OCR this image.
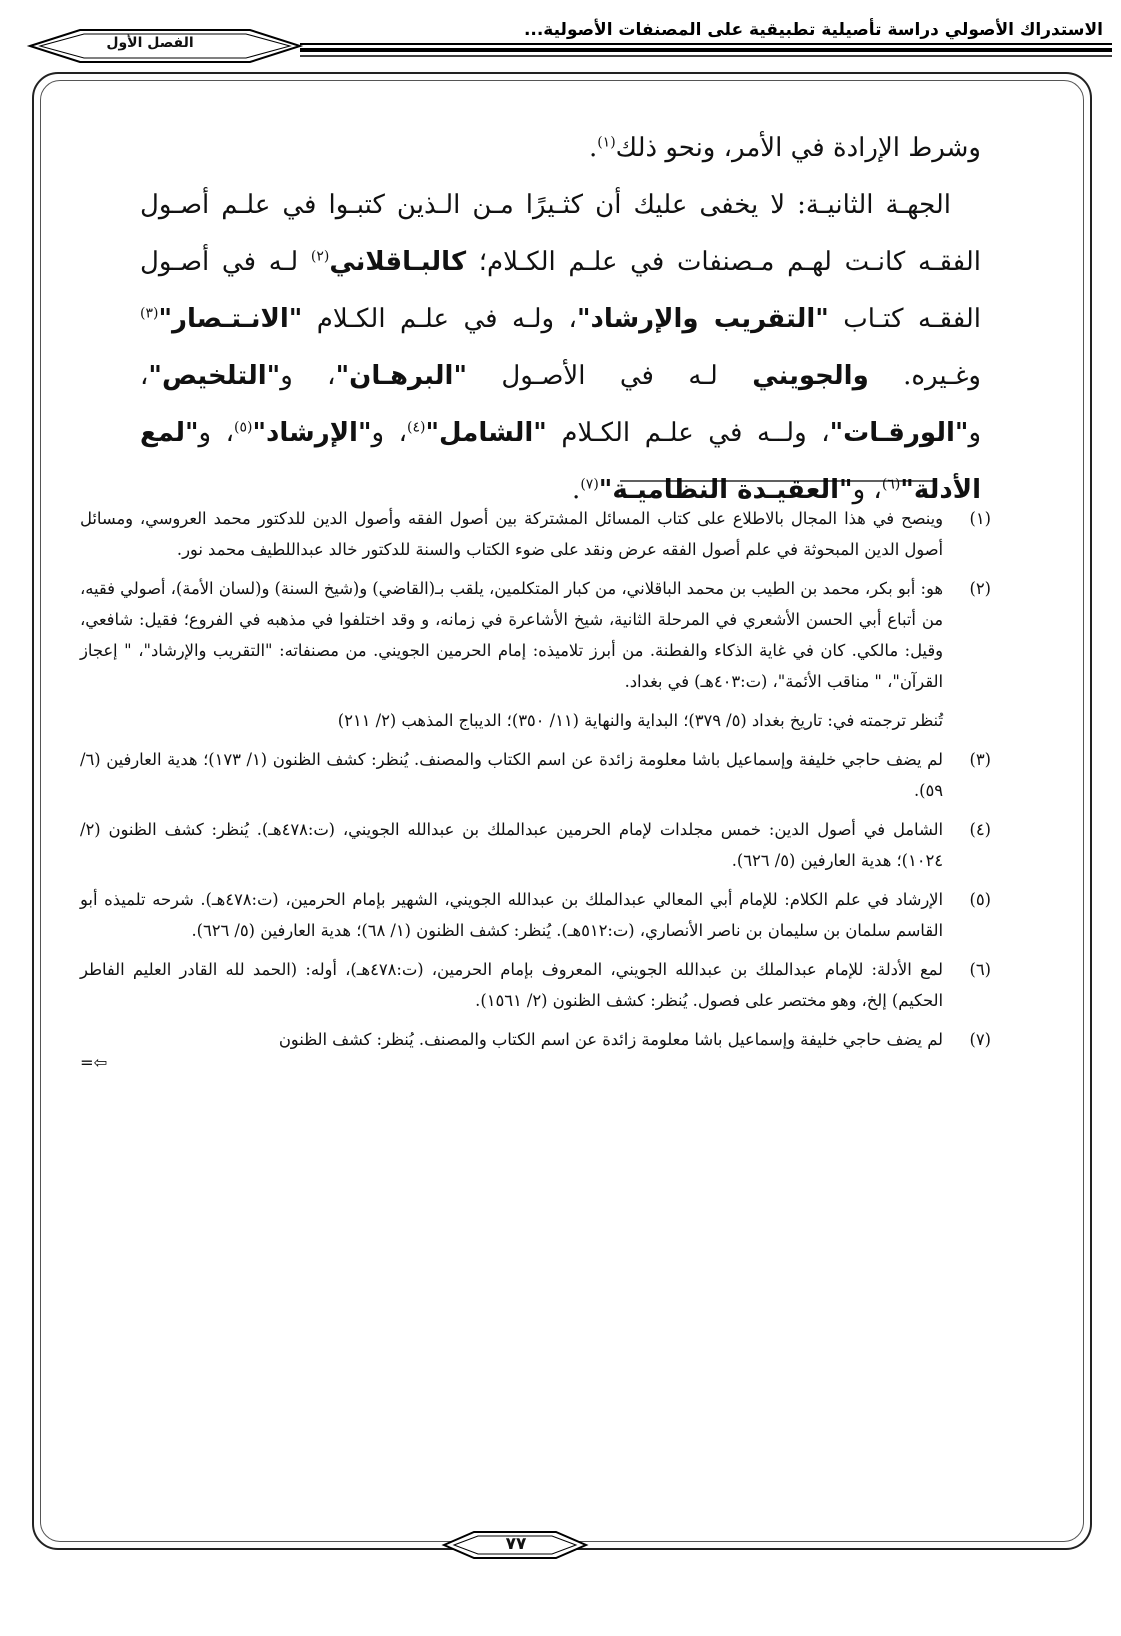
الاستدراك الأصولي دراسة تأصيلية تطبيقية على المصنفات الأصولية...
الفصل الأول

وشرط الإرادة في الأمر، ونحو ذلك$^{(١)}$.

الجهـة الثانيـة: لا يخفى عليك أن كثـيرًا مـن الـذين كتبـوا في علـم أصـول الفقـه كانـت لهـم مـصنفات في علـم الكـلام؛ كالبـاقلاني$^{(٢)}$ لـه في أصـول الفقـه كتـاب "التقريب والإرشاد"، ولـه في علـم الكـلام "الانـتـصار"$^{(٣)}$ وغـيره. والجويني لـه في الأصـول "البرهـان"، و"التلخيص"، و"الورقـات"، ولــه في علـم الكـلام "الشامل"$^{(٤)}$، و"الإرشاد"$^{(٥)}$، و"لمع الأدلة"$^{(٦)}$، و"العقيـدة النظاميـة"$^{(٧)}$.

(١)
وينصح في هذا المجال بالاطلاع على كتاب المسائل المشتركة بين أصول الفقه وأصول الدين للدكتور محمد العروسي، ومسائل أصول الدين المبحوثة في علم أصول الفقه عرض ونقد على ضوء الكتاب والسنة للدكتور خالد عبداللطيف محمد نور.
(٢)
هو: أبو بكر، محمد بن الطيب بن محمد الباقلاني، من كبار المتكلمين، يلقب بـ(القاضي) و(شيخ السنة) و(لسان الأمة)، أصولي فقيه، من أتباع أبي الحسن الأشعري في المرحلة الثانية، شيخ الأشاعرة في زمانه، و وقد اختلفوا في مذهبه في الفروع؛ فقيل: شافعي، وقيل: مالكي. كان في غاية الذكاء والفطنة. من أبرز تلاميذه: إمام الحرمين الجويني. من مصنفاته: "التقريب والإرشاد"، " إعجاز القرآن"، " مناقب الأئمة"، (ت:٤٠٣هـ) في بغداد.
تُنظر ترجمته في: تاريخ بغداد (٥/ ٣٧٩)؛ البداية والنهاية (١١/ ٣٥٠)؛ الديباج المذهب (٢/ ٢١١)
(٣)
لم يضف حاجي خليفة وإسماعيل باشا معلومة زائدة عن اسم الكتاب والمصنف. يُنظر: كشف الظنون (١/ ١٧٣)؛ هدية العارفين (٦/ ٥٩).
(٤)
الشامل في أصول الدين: خمس مجلدات لإمام الحرمين عبدالملك بن عبدالله الجويني، (ت:٤٧٨هـ). يُنظر: كشف الظنون (٢/ ١٠٢٤)؛ هدية العارفين (٥/ ٦٢٦).
(٥)
الإرشاد في علم الكلام: للإمام أبي المعالي عبدالملك بن عبدالله الجويني، الشهير بإمام الحرمين، (ت:٤٧٨هـ). شرحه تلميذه أبو القاسم سلمان بن سليمان بن ناصر الأنصاري، (ت:٥١٢هـ). يُنظر: كشف الظنون (١/ ٦٨)؛ هدية العارفين (٥/ ٦٢٦).
(٦)
لمع الأدلة: للإمام عبدالملك بن عبدالله الجويني، المعروف بإمام الحرمين، (ت:٤٧٨هـ)، أوله: (الحمد لله القادر العليم الفاطر الحكيم) إلخ، وهو مختصر على فصول. يُنظر: كشف الظنون (٢/ ١٥٦١).
(٧)
لم يضف حاجي خليفة وإسماعيل باشا معلومة زائدة عن اسم الكتاب والمصنف. يُنظر: كشف الظنون
⇦=
٧٧
